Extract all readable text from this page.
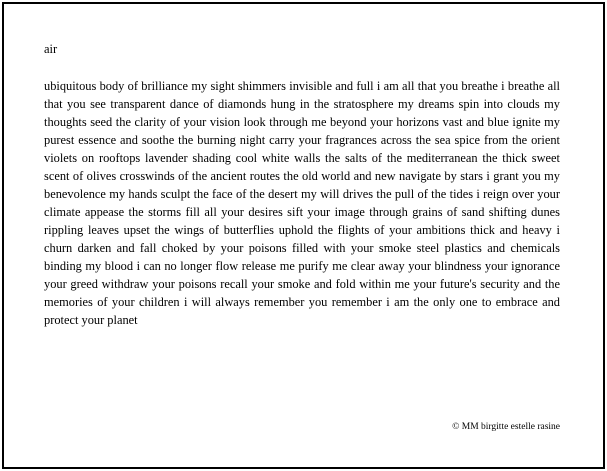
air

ubiquitous body of brilliance my sight shimmers invisible and full i am all that you breathe i breathe all that you see transparent dance of diamonds hung in the stratosphere my dreams spin into clouds my thoughts seed the clarity of your vision look through me beyond your horizons vast and blue ignite my purest essence and soothe the burning night carry your fragrances across the sea spice from the orient violets on rooftops lavender shading cool white walls the salts of the mediterranean the thick sweet scent of olives crosswinds of the ancient routes the old world and new navigate by stars i grant you my benevolence my hands sculpt the face of the desert my will drives the pull of the tides i reign over your climate appease the storms fill all your desires sift your image through grains of sand shifting dunes rippling leaves upset the wings of butterflies uphold the flights of your ambitions thick and heavy i churn darken and fall choked by your poisons filled with your smoke steel plastics and chemicals binding my blood i can no longer flow release me purify me clear away your blindness your ignorance your greed withdraw your poisons recall your smoke and fold within me your future's security and the memories of your children i will always remember you remember i am the only one to embrace and protect your planet

© MM birgitte estelle rasine
